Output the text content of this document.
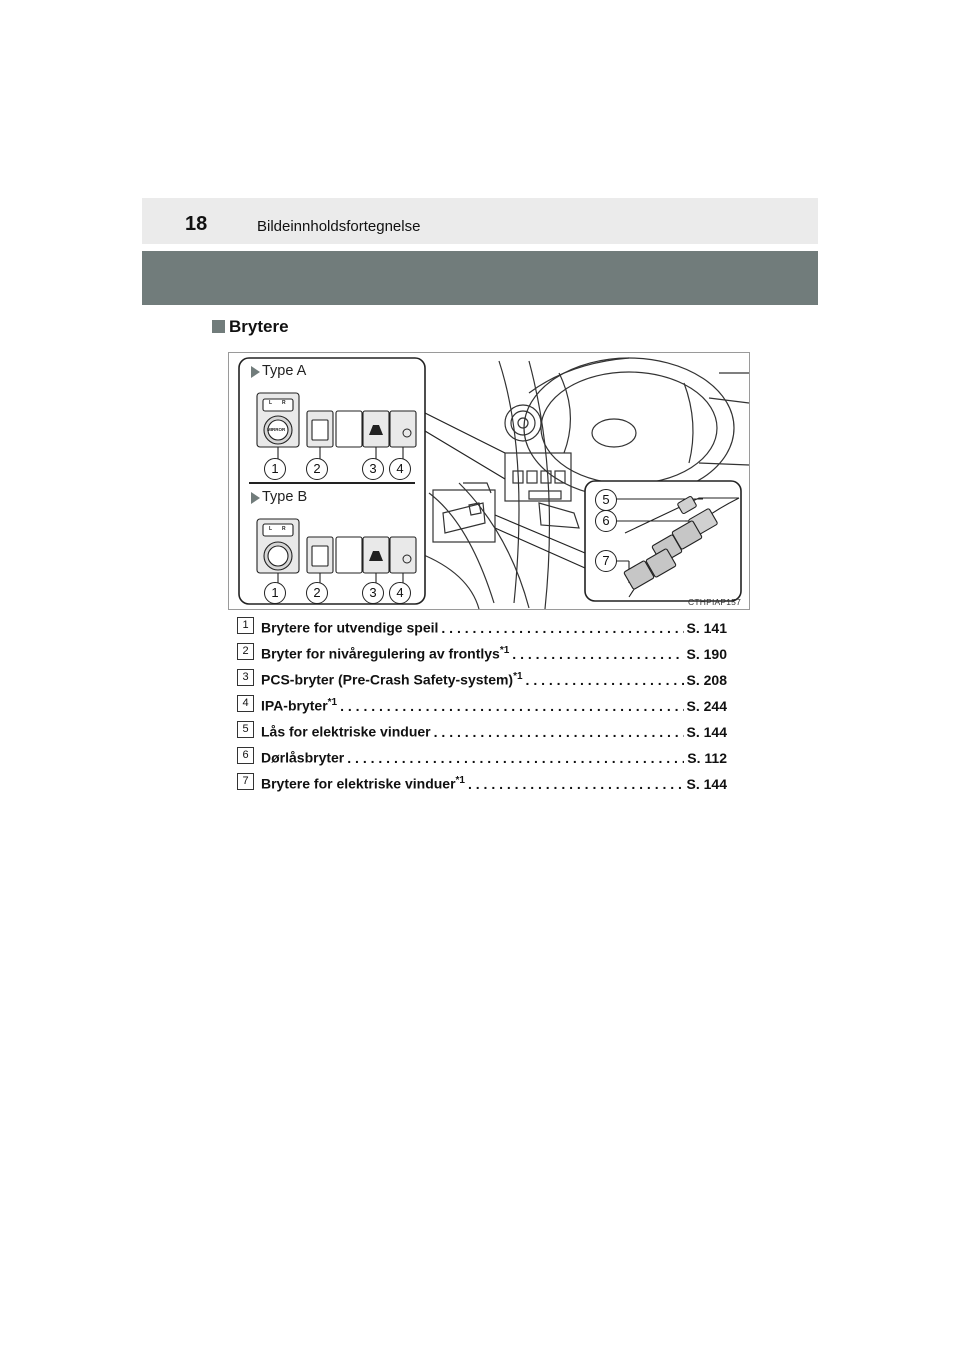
18	Bildeinnholdsfortegnelse
Brytere
Type A
Type B
L R
MIRROR
L R
1	2	3	4
1	2	3	4
5
6
7
CTHPIAP157
1 Brytere for utvendige speil . . .	S. 141
2 Bryter for nivåregulering av frontlys$^{*1}$ . . .	S. 190
3 PCS-bryter (Pre-Crash Safety-system)$^{*1}$ . . .	S. 208
4 IPA-bryter$^{*1}$ . . .	S. 244
5 Lås for elektriske vinduer . . .	S. 144
6 Dørlåsbryter . . .	S. 112
7 Brytere for elektriske vinduer$^{*1}$ . . .	S. 144
